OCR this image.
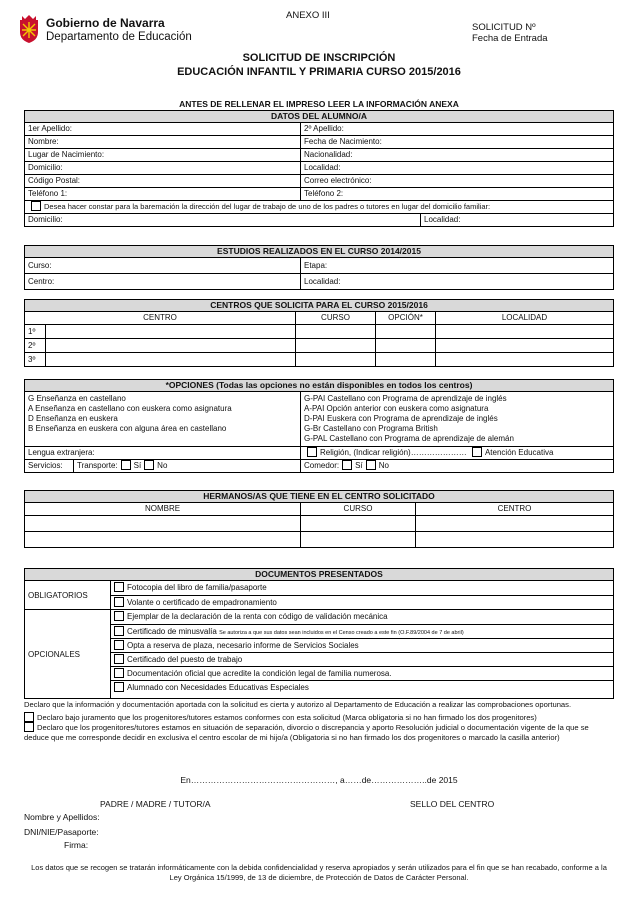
Gobierno de Navarra
Departamento de Educación
ANEXO III
SOLICITUD Nº
Fecha de Entrada
SOLICITUD DE INSCRIPCIÓN
EDUCACIÓN INFANTIL Y PRIMARIA CURSO 2015/2016
ANTES DE RELLENAR EL IMPRESO LEER LA INFORMACIÓN ANEXA
DATOS DEL ALUMNO/A
1er Apellido:	2º Apellido:
Nombre:	Fecha de Nacimiento:
Lugar de Nacimiento:	Nacionalidad:
Domicilio:	Localidad:
Código Postal:	Correo electrónico:
Teléfono 1:	Teléfono 2:
Desea hacer constar para la baremación la dirección del lugar de trabajo de uno de los padres o tutores en lugar del domicilio familiar:
Domicilio:	Localidad:
ESTUDIOS REALIZADOS EN EL CURSO 2014/2015
Curso:	Etapa:
Centro:	Localidad:
CENTROS QUE SOLICITA PARA EL CURSO 2015/2016
CENTRO	CURSO	OPCIÓN*	LOCALIDAD
1º
2º
3º
*OPCIONES (Todas las opciones no están disponibles en todos los centros)
G Enseñanza en castellano
A Enseñanza en castellano con euskera como asignatura
D Enseñanza en euskera
B Enseñanza en euskera con alguna área en castellano
G-PAI Castellano con Programa de aprendizaje de inglés
A-PAI Opción anterior con euskera como asignatura
D-PAI Euskera con Programa de aprendizaje de inglés
G-Br Castellano con Programa British
G-PAL Castellano con Programa de aprendizaje de alemán
Lengua extranjera:	Religión, (Indicar religión)………………… Atención Educativa
Servicios:	Transporte: Sí No	Comedor: Sí No
HERMANOS/AS QUE TIENE EN EL CENTRO SOLICITADO
NOMBRE	CURSO	CENTRO
DOCUMENTOS PRESENTADOS
OBLIGATORIOS
Fotocopia del libro de familia/pasaporte
Volante o certificado de empadronamiento
OPCIONALES
Ejemplar de la declaración de la renta con código de validación mecánica
Certificado de minusvalía Se autoriza a que sus datos sean incluidos en el Censo creado a este fin (O.F.89/2004 de 7 de abril)
Opta a reserva de plaza, necesario informe de Servicios Sociales
Certificado del puesto de trabajo
Documentación oficial que acredite la condición legal de familia numerosa.
Alumnado con Necesidades Educativas Especiales
Declaro que la información y documentación aportada con la solicitud es cierta y autorizo al Departamento de Educación a realizar las comprobaciones oportunas.
Declaro bajo juramento que los progenitores/tutores estamos conformes con esta solicitud (Marca obligatoria si no han firmado los dos progenitores)
Declaro que los progenitores/tutores estamos en situación de separación, divorcio o discrepancia y aporto Resolución judicial o documentación vigente de la que se deduce que me corresponde decidir en exclusiva el centro escolar de mi hijo/a (Obligatoria si no han firmado los dos progenitores o marcado la casilla anterior)
En……………………………………………, a……de………………..de 2015
PADRE / MADRE / TUTOR/A	SELLO DEL CENTRO
Nombre y Apellidos:
DNI/NIE/Pasaporte:
Firma:
Los datos que se recogen se tratarán informáticamente con la debida confidencialidad y reserva apropiados y serán utilizados para el fin que se han recabado, conforme a la Ley Orgánica 15/1999, de 13 de diciembre, de Protección de Datos de Carácter Personal.
